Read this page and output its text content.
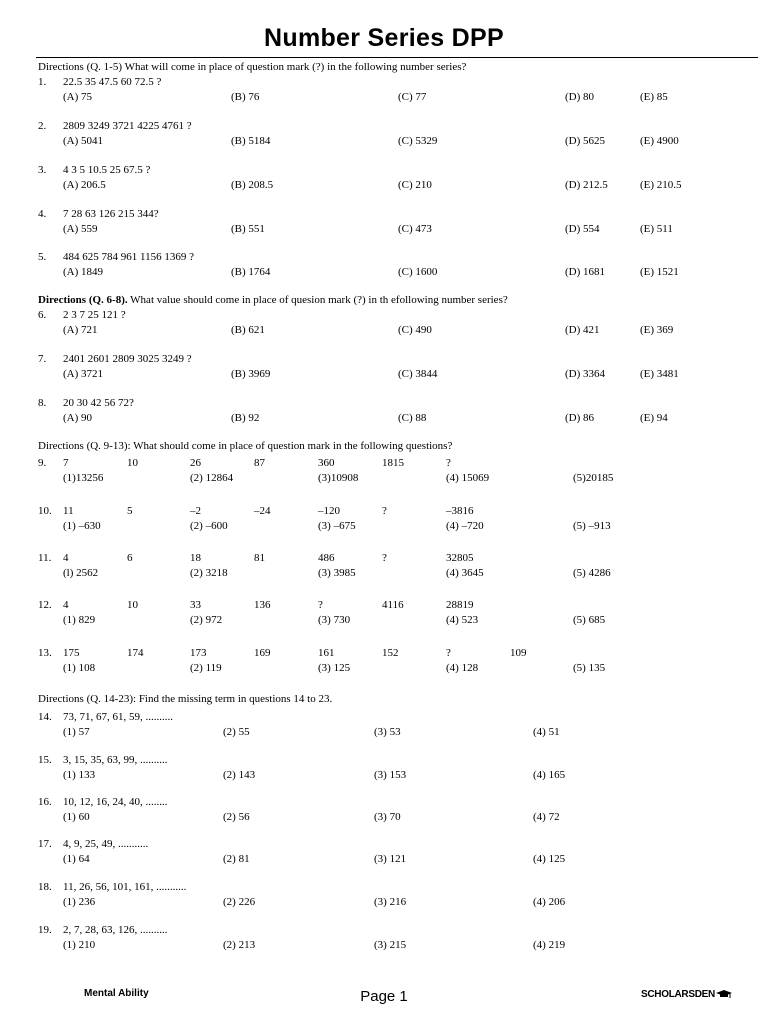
Number Series DPP
Directions (Q. 1-5) What will come in place of question mark (?) in the following number series?
1. 22.5 35 47.5 60 72.5 ?
(A) 75	(B) 76	(C) 77	(D) 80	(E) 85
2. 2809 3249 3721 4225 4761 ?
(A) 5041	(B) 5184	(C) 5329	(D) 5625	(E) 4900
3. 4 3 5 10.5 25 67.5 ?
(A) 206.5	(B) 208.5	(C) 210	(D) 212.5	(E) 210.5
4. 7 28 63 126 215 344?
(A) 559	(B) 551	(C) 473	(D) 554	(E) 511
5. 484 625 784 961 1156 1369 ?
(A) 1849	(B) 1764	(C) 1600	(D) 1681	(E) 1521
Directions (Q. 6-8). What value should come in place of quesion mark (?) in th efollowing number series?
6. 2 3 7 25 121 ?
(A) 721	(B) 621	(C) 490	(D) 421	(E) 369
7. 2401 2601 2809 3025 3249 ?
(A) 3721	(B) 3969	(C) 3844	(D) 3364	(E) 3481
8. 20 30 42 56 72?
(A) 90	(B) 92	(C) 88	(D) 86	(E) 94
Directions (Q. 9-13): What should come in place of question mark in the following questions?
9. 7	10	26	87	360	1815	?
(1)13256	(2) 12864	(3)10908	(4) 15069	(5)20185
10. 11	5	–2	–24	–120	?	–3816
(1) –630	(2) –600	(3) –675	(4) –720	(5) –913
11. 4	6	18	81	486	?	32805
(l) 2562	(2) 3218	(3) 3985	(4) 3645	(5) 4286
12. 4	10	33	136	?	4116	28819
(1) 829	(2) 972	(3) 730	(4) 523	(5) 685
13. 175	174	173	169	161	152	?	109
(1) 108	(2) 119	(3) 125	(4) 128	(5) 135
Directions (Q. 14-23): Find the missing term in questions 14 to 23.
14. 73, 71, 67, 61, 59, ..........
(1) 57	(2) 55	(3) 53	(4) 51
15. 3, 15, 35, 63, 99, ..........
(1) 133	(2) 143	(3) 153	(4) 165
16. 10, 12, 16, 24, 40, ........
(1) 60	(2) 56	(3) 70	(4) 72
17. 4, 9, 25, 49, ...........
(1) 64	(2) 81	(3) 121	(4) 125
18. 11, 26, 56, 101, 161, ...........
(1) 236	(2) 226	(3) 216	(4) 206
19. 2, 7, 28, 63, 126, ..........
(1) 210	(2) 213	(3) 215	(4) 219
Mental Ability	Page 1	SCHOLARSDEN
